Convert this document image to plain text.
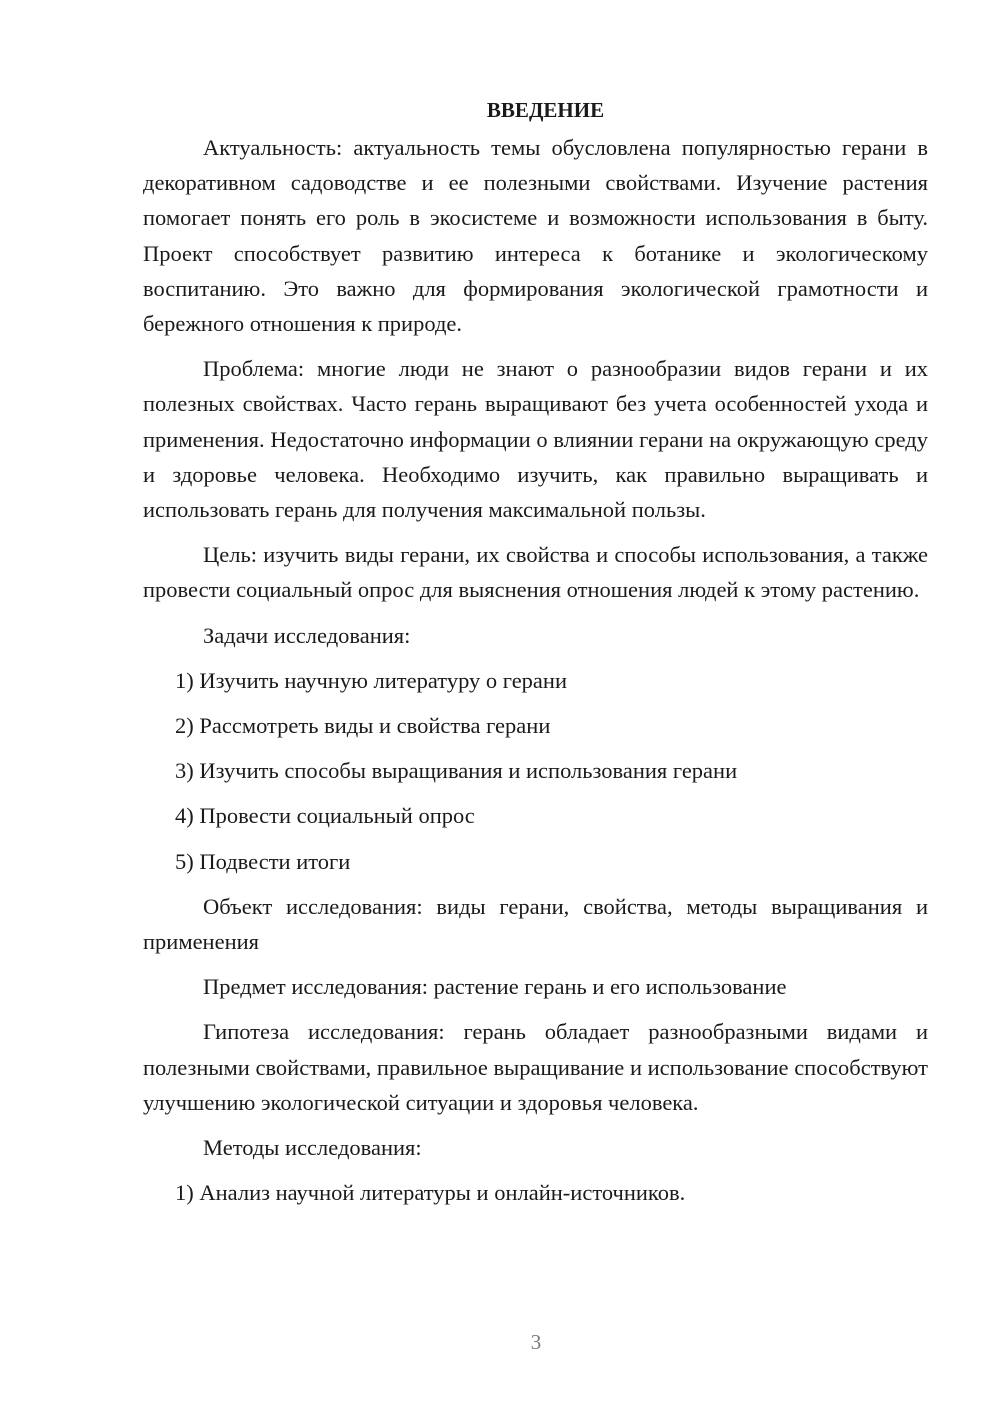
ВВЕДЕНИЕ

Актуальность: актуальность темы обусловлена популярностью герани в декоративном садоводстве и ее полезными свойствами. Изучение растения помогает понять его роль в экосистеме и возможности использования в быту. Проект способствует развитию интереса к ботанике и экологическому воспитанию. Это важно для формирования экологической грамотности и бережного отношения к природе.

Проблема: многие люди не знают о разнообразии видов герани и их полезных свойствах. Часто герань выращивают без учета особенностей ухода и применения. Недостаточно информации о влиянии герани на окружающую среду и здоровье человека. Необходимо изучить, как правильно выращивать и использовать герань для получения максимальной пользы.

Цель: изучить виды герани, их свойства и способы использования, а также провести социальный опрос для выяснения отношения людей к этому растению.

Задачи исследования:

1) Изучить научную литературу о герани

2) Рассмотреть виды и свойства герани

3) Изучить способы выращивания и использования герани

4) Провести социальный опрос

5) Подвести итоги

Объект исследования: виды герани, свойства, методы выращивания и применения

Предмет исследования: растение герань и его использование

Гипотеза исследования: герань обладает разнообразными видами и полезными свойствами, правильное выращивание и использование способствуют улучшению экологической ситуации и здоровья человека.

Методы исследования:

1) Анализ научной литературы и онлайн-источников.

3
